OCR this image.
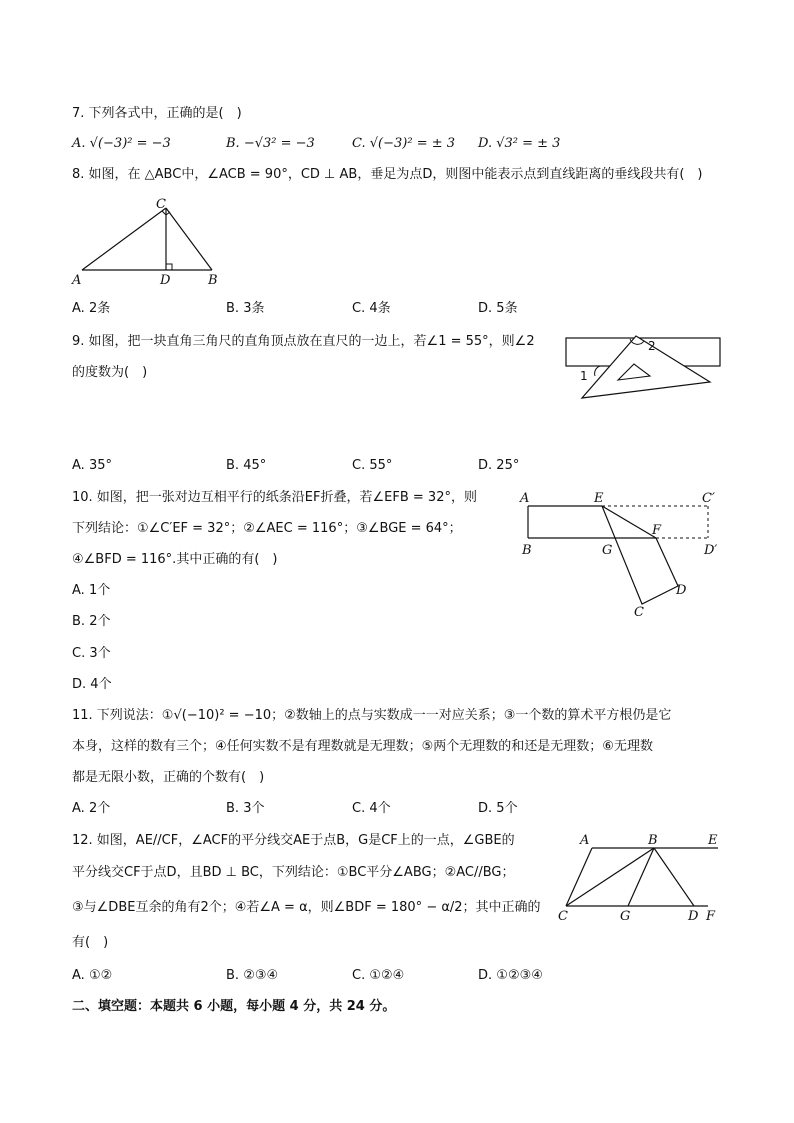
7. 下列各式中，正确的是(　)
A. √(−3)² = −3	B. −√3² = −3	C. √(−3)² = ± 3 D. √3² = ± 3
8. 如图，在 △ABC中，∠ACB = 90°，CD ⊥ AB，垂足为点D，则图中能表示点到直线距离的垂线段共有(　)
A	B
C
D
A. 2条	B. 3条	C. 4条	D. 5条
9. 如图，把一块直角三角尺的直角顶点放在直尺的一边上，若∠1 = 55°，则∠2
的度数为(　)
2
1
A. 35°	B. 45°	C. 55°	D. 25°
10. 如图，把一张对边互相平行的纸条沿EF折叠，若∠EFB = 32°，则
下列结论：①∠C′EF = 32°；②∠AEC = 116°；③∠BGE = 64°；
④∠BFD = 116°.其中正确的有(　)
A	E	C′
B	G
F
D′
D
C
A. 1个
B. 2个
C. 3个
D. 4个
11. 下列说法：①√(−10)² = −10；②数轴上的点与实数成一一对应关系；③一个数的算术平方根仍是它
本身，这样的数有三个；④任何实数不是有理数就是无理数；⑤两个无理数的和还是无理数；⑥无理数
都是无限小数，正确的个数有(　)
A. 2个	B. 3个	C. 4个	D. 5个
12. 如图，AE//CF，∠ACF的平分线交AE于点B，G是CF上的一点，∠GBE的
平分线交CF于点D，且BD ⊥ BC，下列结论：①BC平分∠ABG；②AC//BG；
③与∠DBE互余的角有2个；④若∠A = α，则∠BDF = 180° − α/2；其中正确的
有(　)
A	B	E
C	G	D F
A. ①②	B. ②③④	C. ①②④	D. ①②③④
二、填空题：本题共 6 小题，每小题 4 分，共 24 分。
